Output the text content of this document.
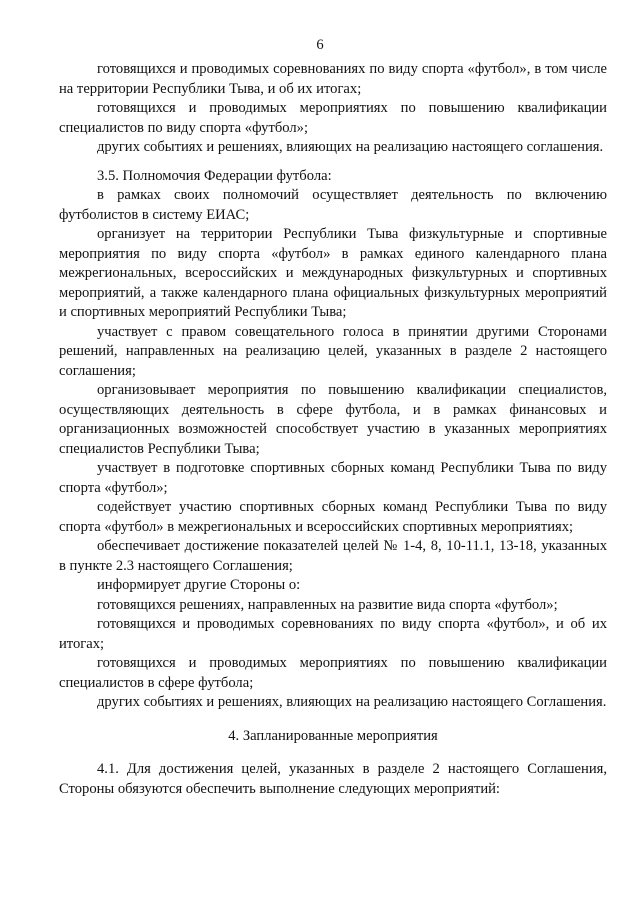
6

готовящихся и проводимых соревнованиях по виду спорта «футбол», в том числе на территории Республики Тыва, и об их итогах;

готовящихся и проводимых мероприятиях по повышению квалификации специалистов по виду спорта «футбол»;

других событиях и решениях, влияющих на реализацию настоящего соглашения.

3.5. Полномочия Федерации футбола:

в рамках своих полномочий осуществляет деятельность по включению футболистов в систему ЕИАС;

организует на территории Республики Тыва физкультурные и спортивные мероприятия по виду спорта «футбол» в рамках единого календарного плана межрегиональных, всероссийских и международных физкультурных и спортивных мероприятий, а также календарного плана официальных физкультурных мероприятий и спортивных мероприятий Республики Тыва;

участвует с правом совещательного голоса в принятии другими Сторонами решений, направленных на реализацию целей, указанных в разделе 2 настоящего соглашения;

организовывает мероприятия по повышению квалификации специалистов, осуществляющих деятельность в сфере футбола, и в рамках финансовых и организационных возможностей способствует участию в указанных мероприятиях специалистов Республики Тыва;

участвует в подготовке спортивных сборных команд Республики Тыва по виду спорта «футбол»;

содействует участию спортивных сборных команд Республики Тыва по виду спорта «футбол» в межрегиональных и всероссийских спортивных мероприятиях;

обеспечивает достижение показателей целей № 1-4, 8, 10-11.1, 13-18, указанных в пункте 2.3 настоящего Соглашения;

информирует другие Стороны о:

готовящихся решениях, направленных на развитие вида спорта «футбол»;

готовящихся и проводимых соревнованиях по виду спорта «футбол», и об их итогах;

готовящихся и проводимых мероприятиях по повышению квалификации специалистов в сфере футбола;

других событиях и решениях, влияющих на реализацию настоящего Соглашения.

4. Запланированные мероприятия

4.1. Для достижения целей, указанных в разделе 2 настоящего Соглашения, Стороны обязуются обеспечить выполнение следующих мероприятий:
